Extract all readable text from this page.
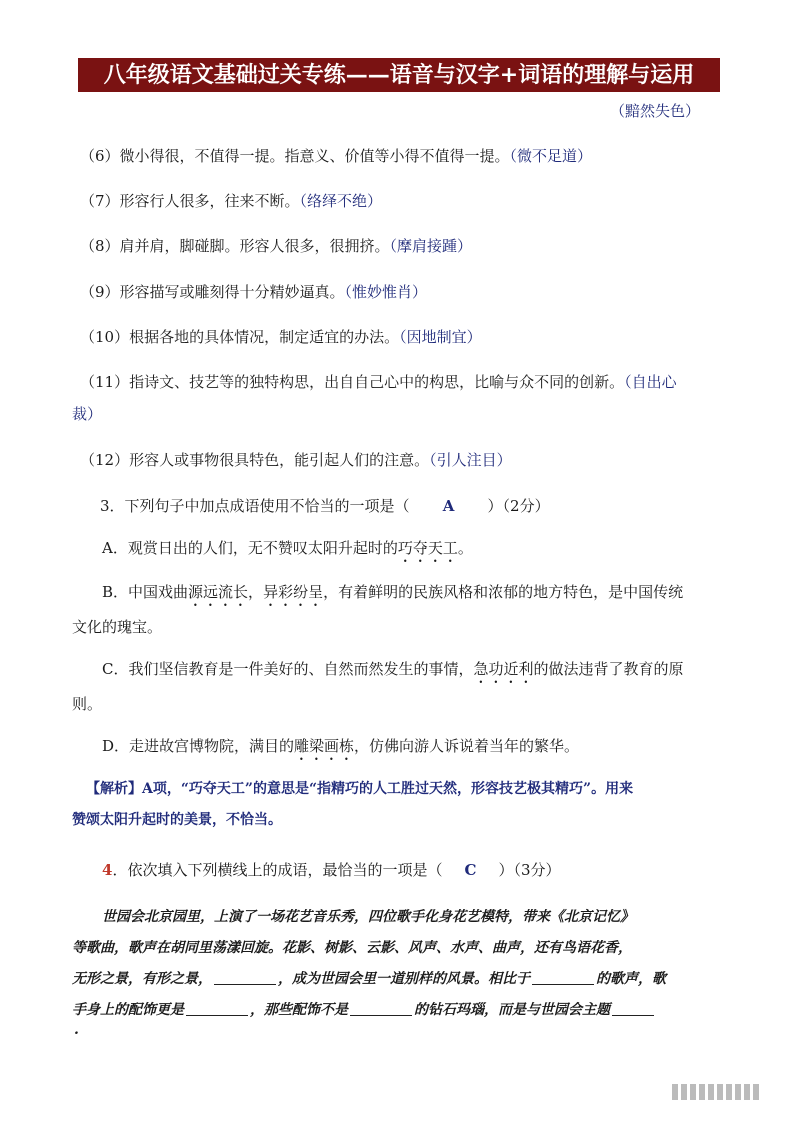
八年级语文基础过关专练——语音与汉字+词语的理解与运用
（黯然失色）
（6）微小得很，不值得一提。指意义、价值等小得不值得一提。（微不足道）
（7）形容行人很多，往来不断。（络绎不绝）
（8）肩并肩，脚碰脚。形容人很多，很拥挤。（摩肩接踵）
（9）形容描写或雕刻得十分精妙逼真。（惟妙惟肖）
（10）根据各地的具体情况，制定适宜的办法。（因地制宜）
（11）指诗文、技艺等的独特构思，出自自己心中的构思，比喻与众不同的创新。（自出心
裁）
（12）形容人或事物很具特色，能引起人们的注意。（引人注目）
3．下列句子中加点成语使用不恰当的一项是（ A ）（2分）
A．观赏日出的人们，无不赞叹太阳升起时的巧夺天工。
B．中国戏曲源远流长，异彩纷呈，有着鲜明的民族风格和浓郁的地方特色，是中国传统
文化的瑰宝。
C．我们坚信教育是一件美好的、自然而然发生的事情，急功近利的做法违背了教育的原
则。
D．走进故宫博物院，满目的雕梁画栋，仿佛向游人诉说着当年的繁华。
【解析】A项，“巧夺天工”的意思是“指精巧的人工胜过天然，形容技艺极其精巧”。用来
赞颂太阳升起时的美景，不恰当。
4．依次填入下列横线上的成语，最恰当的一项是（ C ）（3分）
世园会北京园里，上演了一场花艺音乐秀，四位歌手化身花艺模特，带来《北京记忆》
等歌曲，歌声在胡同里荡漾回旋。花影、树影、云影、风声、水声、曲声，还有鸟语花香，
无形之景，有形之景，	，成为世园会里一道别样的风景。相比于	的歌声，歌
手身上的配饰更是	，那些配饰不是	的钻石玛瑙，而是与世园会主题
.
